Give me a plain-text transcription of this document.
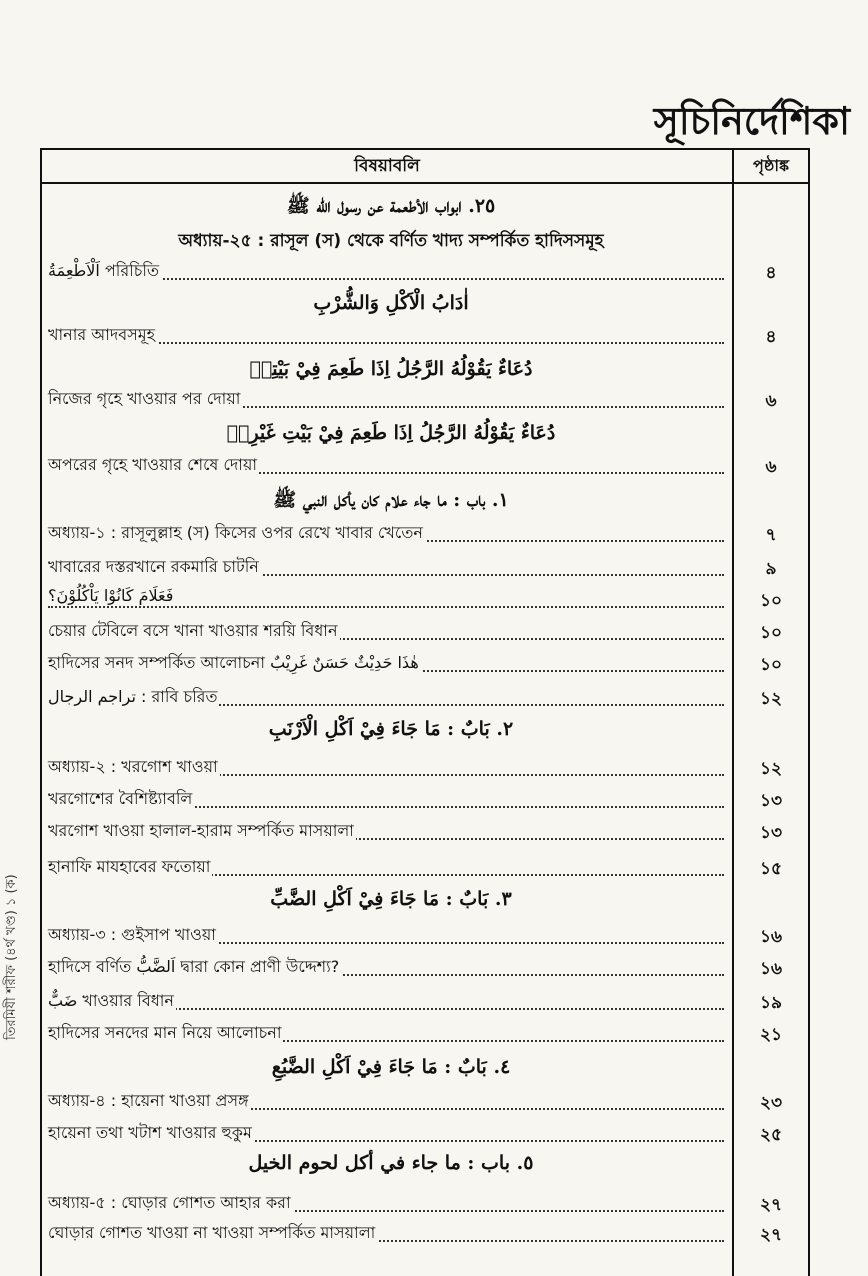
সূচিনির্দেশিকা
তিরমিযী শরীফ (৪র্থ খণ্ড) ১ (ক)
বিষয়াবলি	পৃষ্ঠাঙ্ক
٢٥. ابواب الأطعمة عن رسول الله ﷺ
অধ্যায়-২৫ : রাসূল (স) থেকে বর্ণিত খাদ্য সম্পর্কিত হাদিসসমূহ
اَلْاَطْعِمَةُ পরিচিতি	৪
اٰدَابُ الْاَكْلِ وَالشُّرْبِ
খানার আদবসমূহ	৪
دُعَاءٌ يَقُوْلُهُ الرَّجُلُ اِذَا طَعِمَ فِيْ بَيْتِهٖ
নিজের গৃহে খাওয়ার পর দোয়া	৬
دُعَاءٌ يَقُوْلُهُ الرَّجُلُ اِذَا طَعِمَ فِيْ بَيْتِ غَيْرِهٖ
অপরের গৃহে খাওয়ার শেষে দোয়া	৬
١. باب : ما جاء علام كان يأكل النبي ﷺ
অধ্যায়-১ : রাসূলুল্লাহ (স) কিসের ওপর রেখে খাবার খেতেন	৭
খাবারের দস্তরখানে রকমারি চাটনি	৯
فَعَلَامَ كَانُوْا يَاْكُلُوْنَ؟	১০
চেয়ার টেবিলে বসে খানা খাওয়ার শরয়ি বিধান	১০
হাদিসের সনদ সম্পর্কিত আলোচনা هٰذَا حَدِيْثٌ حَسَنٌ غَرِيْبٌ	১০
تراجم الرجال : রাবি চরিত	১২
٢. بَابٌ : مَا جَاءَ فِيْ اَكْلِ الْاَرْنَبِ
অধ্যায়-২ : খরগোশ খাওয়া	১২
খরগোশের বৈশিষ্ট্যাবলি	১৩
খরগোশ খাওয়া হালাল-হারাম সম্পর্কিত মাসয়ালা	১৩
হানাফি মাযহাবের ফতোয়া	১৫
٣. بَابٌ : مَا جَاءَ فِيْ اَكْلِ الضَّبِّ
অধ্যায়-৩ : গুইসাপ খাওয়া	১৬
হাদিসে বর্ণিত اَلضَّبُّ দ্বারা কোন প্রাণী উদ্দেশ্য?	১৬
ضَبٌّ খাওয়ার বিধান	১৯
হাদিসের সনদের মান নিয়ে আলোচনা	২১
٤. بَابٌ : مَا جَاءَ فِيْ اَكْلِ الضَّبُعِ
অধ্যায়-৪ : হায়েনা খাওয়া প্রসঙ্গ	২৩
হায়েনা তথা খটাশ খাওয়ার হুকুম	২৫
٥. باب : ما جاء في أكل لحوم الخيل
অধ্যায়-৫ : ঘোড়ার গোশত আহার করা	২৭
ঘোড়ার গোশত খাওয়া না খাওয়া সম্পর্কিত মাসয়ালা	২৭
